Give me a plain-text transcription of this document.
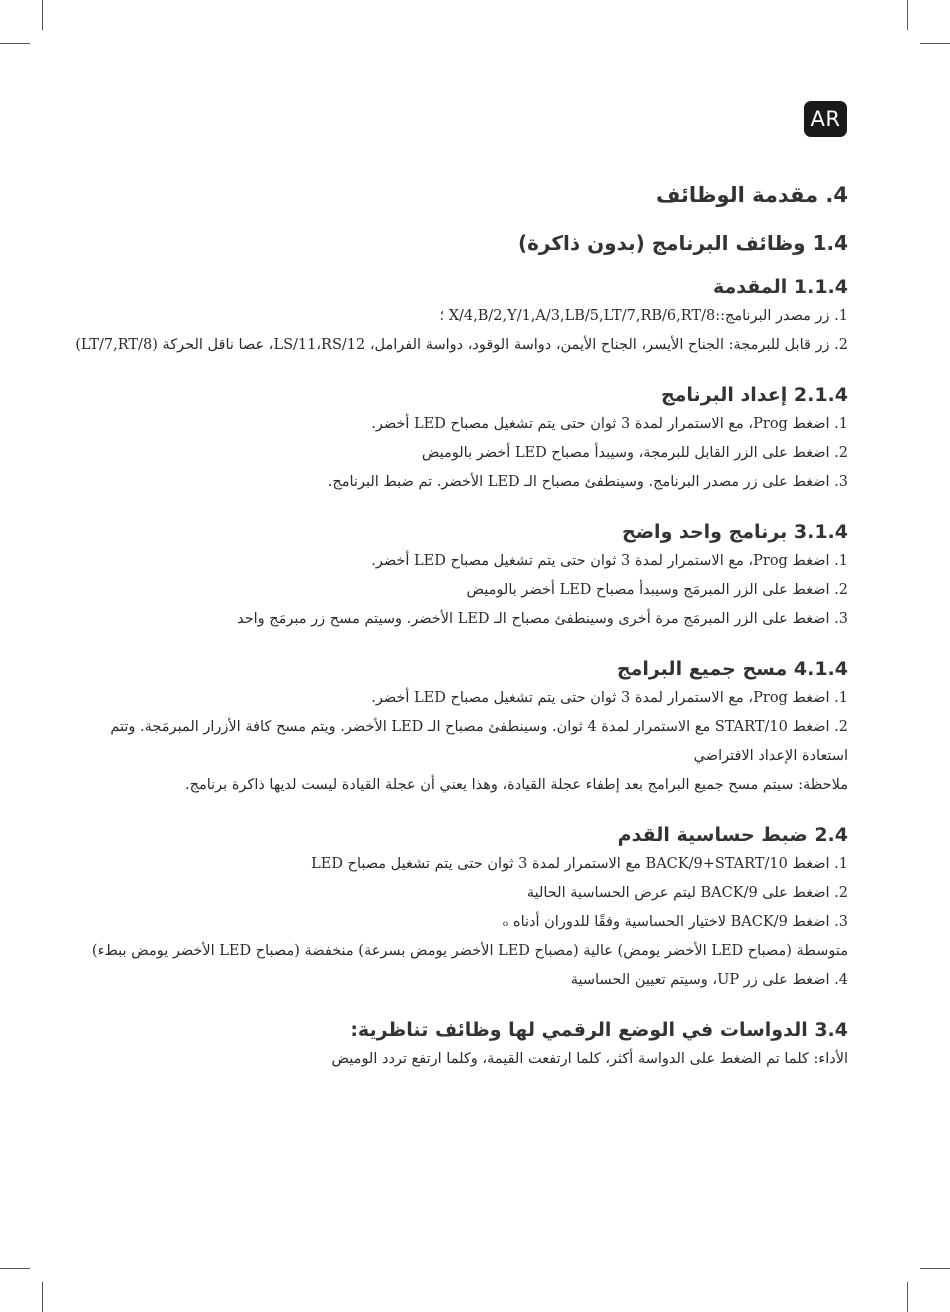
AR
4. مقدمة الوظائف
1.4 وظائف البرنامج (بدون ذاكرة)
1.1.4 المقدمة

1. زر مصدر البرنامج::X/4,B/2,Y/1,A/3,LB/5,LT/7,RB/6,RT/8 ؛

2. زر قابل للبرمجة: الجناح الأيسر، الجناح الأيمن، دواسة الوقود، دواسة الفرامل، LS/11،RS/12، عصا ناقل الحركة (LT/7,RT/8)

2.1.4 إعداد البرنامج

1. اضغط Prog، مع الاستمرار لمدة 3 ثوان حتى يتم تشغيل مصباح LED أخضر.

2. اضغط على الزر القابل للبرمجة، وسيبدأ مصباح LED أخضر بالوميض

3. اضغط على زر مصدر البرنامج. وسينطفئ مصباح الـ LED الأخضر. تم ضبط البرنامج.

3.1.4 برنامج واحد واضح

1. اضغط Prog، مع الاستمرار لمدة 3 ثوان حتى يتم تشغيل مصباح LED أخضر.

2. اضغط على الزر المبرمَج وسيبدأ مصباح LED أخضر بالوميض

3. اضغط على الزر المبرمَج مرة أخرى وسينطفئ مصباح الـ LED الأخضر. وسيتم مسح زر مبرمَج واحد

4.1.4 مسح جميع البرامج

1. اضغط Prog، مع الاستمرار لمدة 3 ثوان حتى يتم تشغيل مصباح LED أخضر.

2. اضغط START/10 مع الاستمرار لمدة 4 ثوان. وسينطفئ مصباح الـ LED الأخضر. ويتم مسح كافة الأزرار المبرمَجة. وتتم استعادة الإعداد الافتراضي

ملاحظة: سيتم مسح جميع البرامج بعد إطفاء عجلة القيادة، وهذا يعني أن عجلة القيادة ليست لديها ذاكرة برنامج.

2.4 ضبط حساسية القدم

1. اضغط BACK/9+START/10 مع الاستمرار لمدة 3 ثوان حتى يتم تشغيل مصباح LED

2. اضغط على BACK/9 ليتم عرض الحساسية الحالية

3. اضغط BACK/9 لاختيار الحساسية وفقًا للدوران أدناه ₒ

متوسطة (مصباح LED الأخضر يومض) عالية (مصباح LED الأخضر يومض بسرعة) منخفضة (مصباح LED الأخضر يومض ببطء)

4. اضغط على زر UP، وسيتم تعيين الحساسية

3.4 الدواسات في الوضع الرقمي لها وظائف تناظرية:

الأداء: كلما تم الضغط على الدواسة أكثر، كلما ارتفعت القيمة، وكلما ارتفع تردد الوميض
